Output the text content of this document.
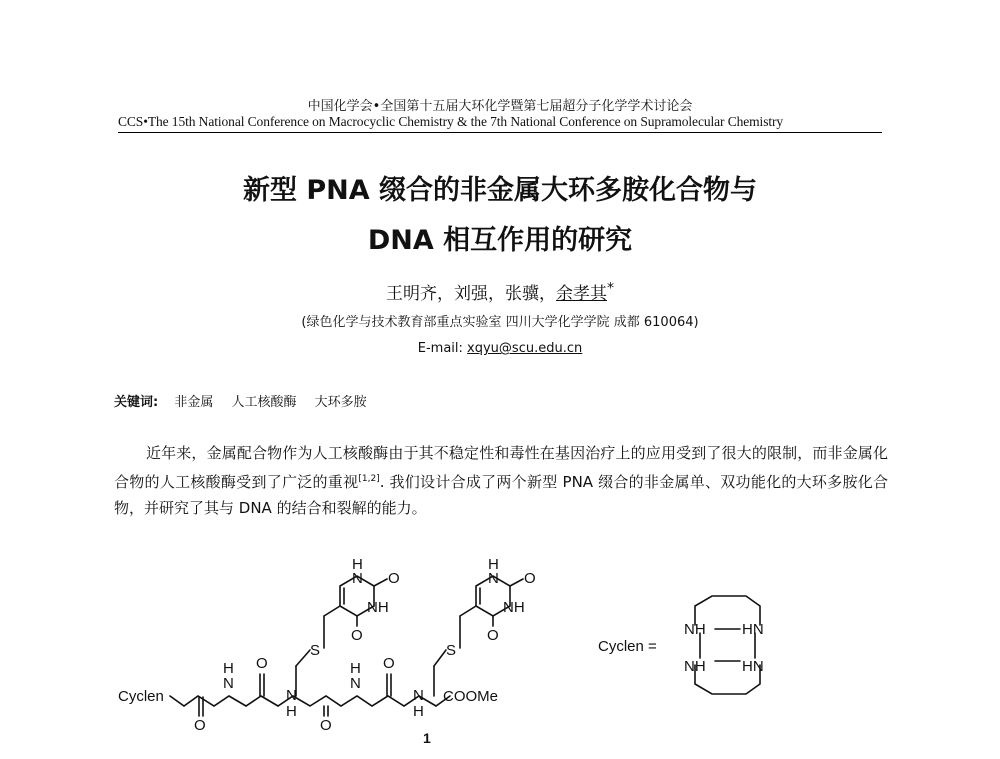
中国化学会•全国第十五届大环化学暨第七届超分子化学学术讨论会
CCS•The 15th National Conference on Macrocyclic Chemistry & the 7th National Conference on Supramolecular Chemistry
新型 PNA 缀合的非金属大环多胺化合物与
DNA 相互作用的研究
王明齐，刘强，张骥，余孝其*
(绿色化学与技术教育部重点实验室 四川大学化学学院 成都 610064)
E-mail: xqyu@scu.edu.cn
关键词: 非金属 人工核酸酶 大环多胺

近年来，金属配合物作为人工核酸酶由于其不稳定性和毒性在基因治疗上的应用受到了很大的限制，而非金属化合物的人工核酸酶受到了广泛的重视[1,2]. 我们设计合成了两个新型 PNA 缀合的非金属单、双功能化的大环多胺化合物，并研究了其与 DNA 的结合和裂解的能力。

Cyclen
O
H
N
O
N
H
S
O
H
N
O
N
H
S
COOMe
H
N O
NH
O
H
N O
NH
O
1
Cyclen =
NH HN
NH HN
